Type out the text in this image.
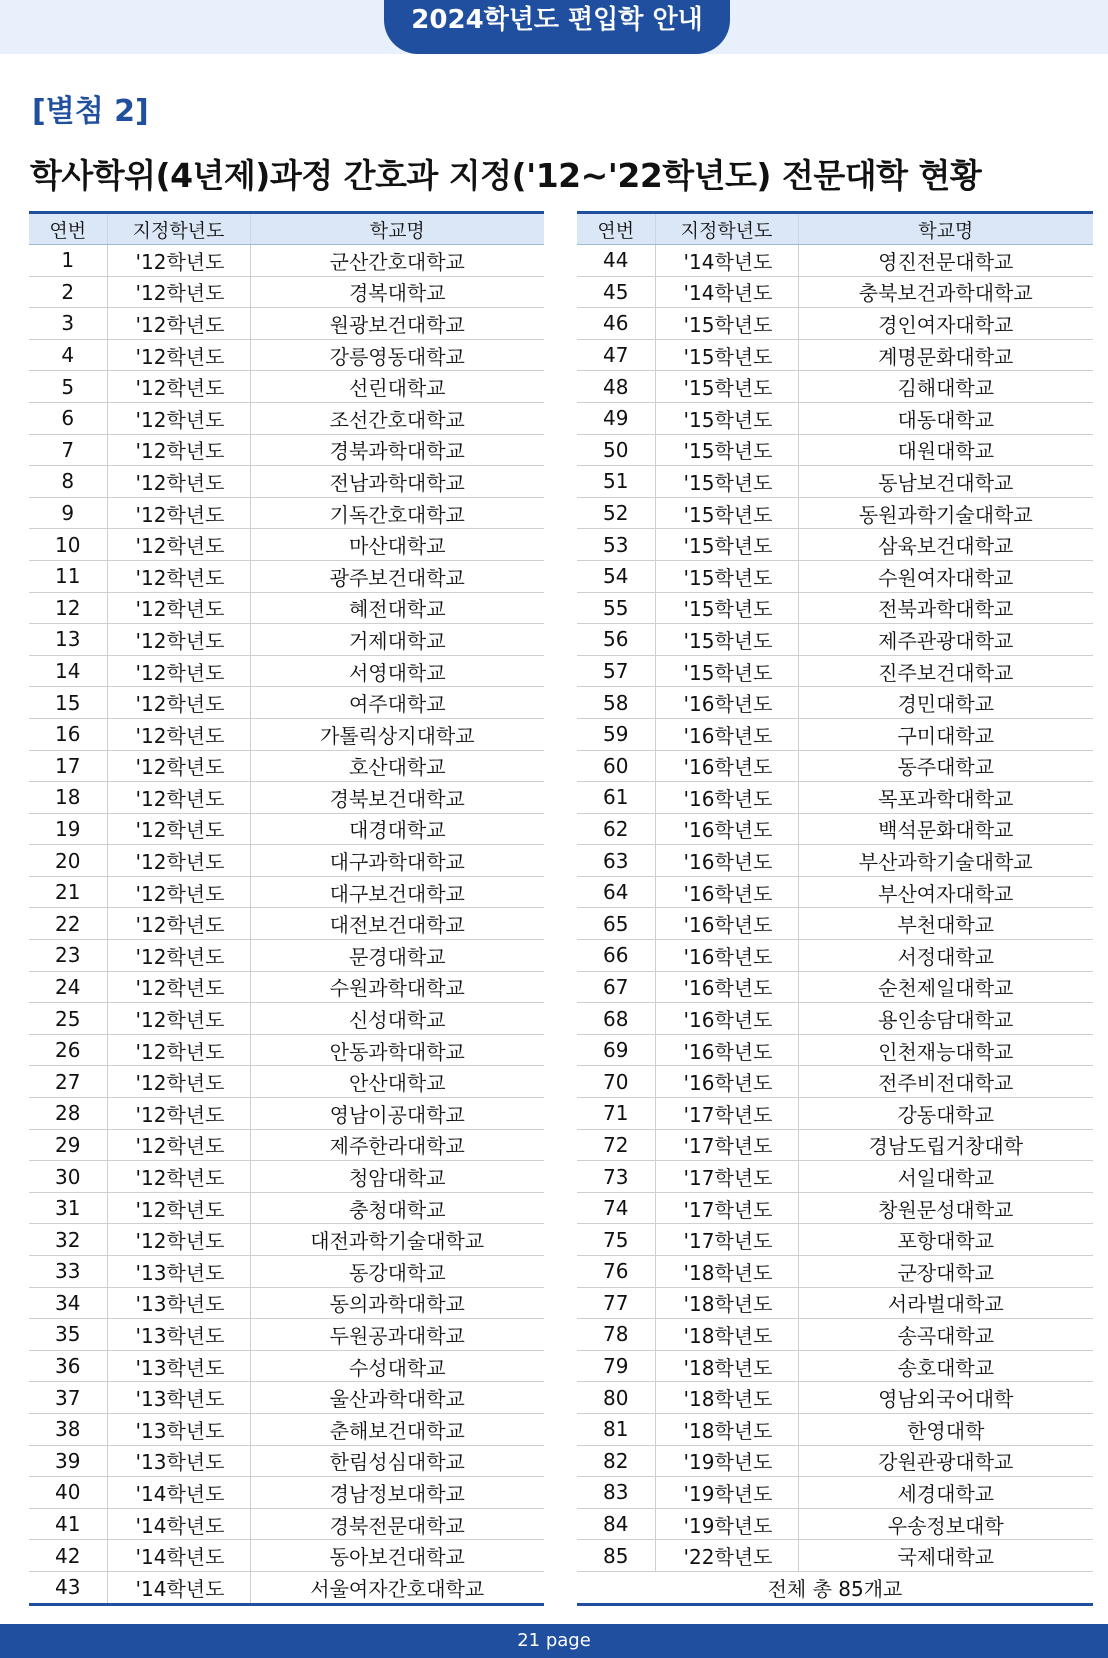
2024학년도 편입학 안내
[별첨 2]
학사학위(4년제)과정 간호과 지정('12~'22학년도) 전문대학 현황
연번	지정학년도	학교명
1	'12학년도	군산간호대학교
2	'12학년도	경복대학교
3	'12학년도	원광보건대학교
4	'12학년도	강릉영동대학교
5	'12학년도	선린대학교
6	'12학년도	조선간호대학교
7	'12학년도	경북과학대학교
8	'12학년도	전남과학대학교
9	'12학년도	기독간호대학교
10	'12학년도	마산대학교
11	'12학년도	광주보건대학교
12	'12학년도	혜전대학교
13	'12학년도	거제대학교
14	'12학년도	서영대학교
15	'12학년도	여주대학교
16	'12학년도	가톨릭상지대학교
17	'12학년도	호산대학교
18	'12학년도	경북보건대학교
19	'12학년도	대경대학교
20	'12학년도	대구과학대학교
21	'12학년도	대구보건대학교
22	'12학년도	대전보건대학교
23	'12학년도	문경대학교
24	'12학년도	수원과학대학교
25	'12학년도	신성대학교
26	'12학년도	안동과학대학교
27	'12학년도	안산대학교
28	'12학년도	영남이공대학교
29	'12학년도	제주한라대학교
30	'12학년도	청암대학교
31	'12학년도	충청대학교
32	'12학년도	대전과학기술대학교
33	'13학년도	동강대학교
34	'13학년도	동의과학대학교
35	'13학년도	두원공과대학교
36	'13학년도	수성대학교
37	'13학년도	울산과학대학교
38	'13학년도	춘해보건대학교
39	'13학년도	한림성심대학교
40	'14학년도	경남정보대학교
41	'14학년도	경북전문대학교
42	'14학년도	동아보건대학교
43	'14학년도	서울여자간호대학교
연번	지정학년도	학교명
44	'14학년도	영진전문대학교
45	'14학년도	충북보건과학대학교
46	'15학년도	경인여자대학교
47	'15학년도	계명문화대학교
48	'15학년도	김해대학교
49	'15학년도	대동대학교
50	'15학년도	대원대학교
51	'15학년도	동남보건대학교
52	'15학년도	동원과학기술대학교
53	'15학년도	삼육보건대학교
54	'15학년도	수원여자대학교
55	'15학년도	전북과학대학교
56	'15학년도	제주관광대학교
57	'15학년도	진주보건대학교
58	'16학년도	경민대학교
59	'16학년도	구미대학교
60	'16학년도	동주대학교
61	'16학년도	목포과학대학교
62	'16학년도	백석문화대학교
63	'16학년도	부산과학기술대학교
64	'16학년도	부산여자대학교
65	'16학년도	부천대학교
66	'16학년도	서정대학교
67	'16학년도	순천제일대학교
68	'16학년도	용인송담대학교
69	'16학년도	인천재능대학교
70	'16학년도	전주비전대학교
71	'17학년도	강동대학교
72	'17학년도	경남도립거창대학
73	'17학년도	서일대학교
74	'17학년도	창원문성대학교
75	'17학년도	포항대학교
76	'18학년도	군장대학교
77	'18학년도	서라벌대학교
78	'18학년도	송곡대학교
79	'18학년도	송호대학교
80	'18학년도	영남외국어대학
81	'18학년도	한영대학
82	'19학년도	강원관광대학교
83	'19학년도	세경대학교
84	'19학년도	우송정보대학
85	'22학년도	국제대학교
전체 총 85개교		
21 page
